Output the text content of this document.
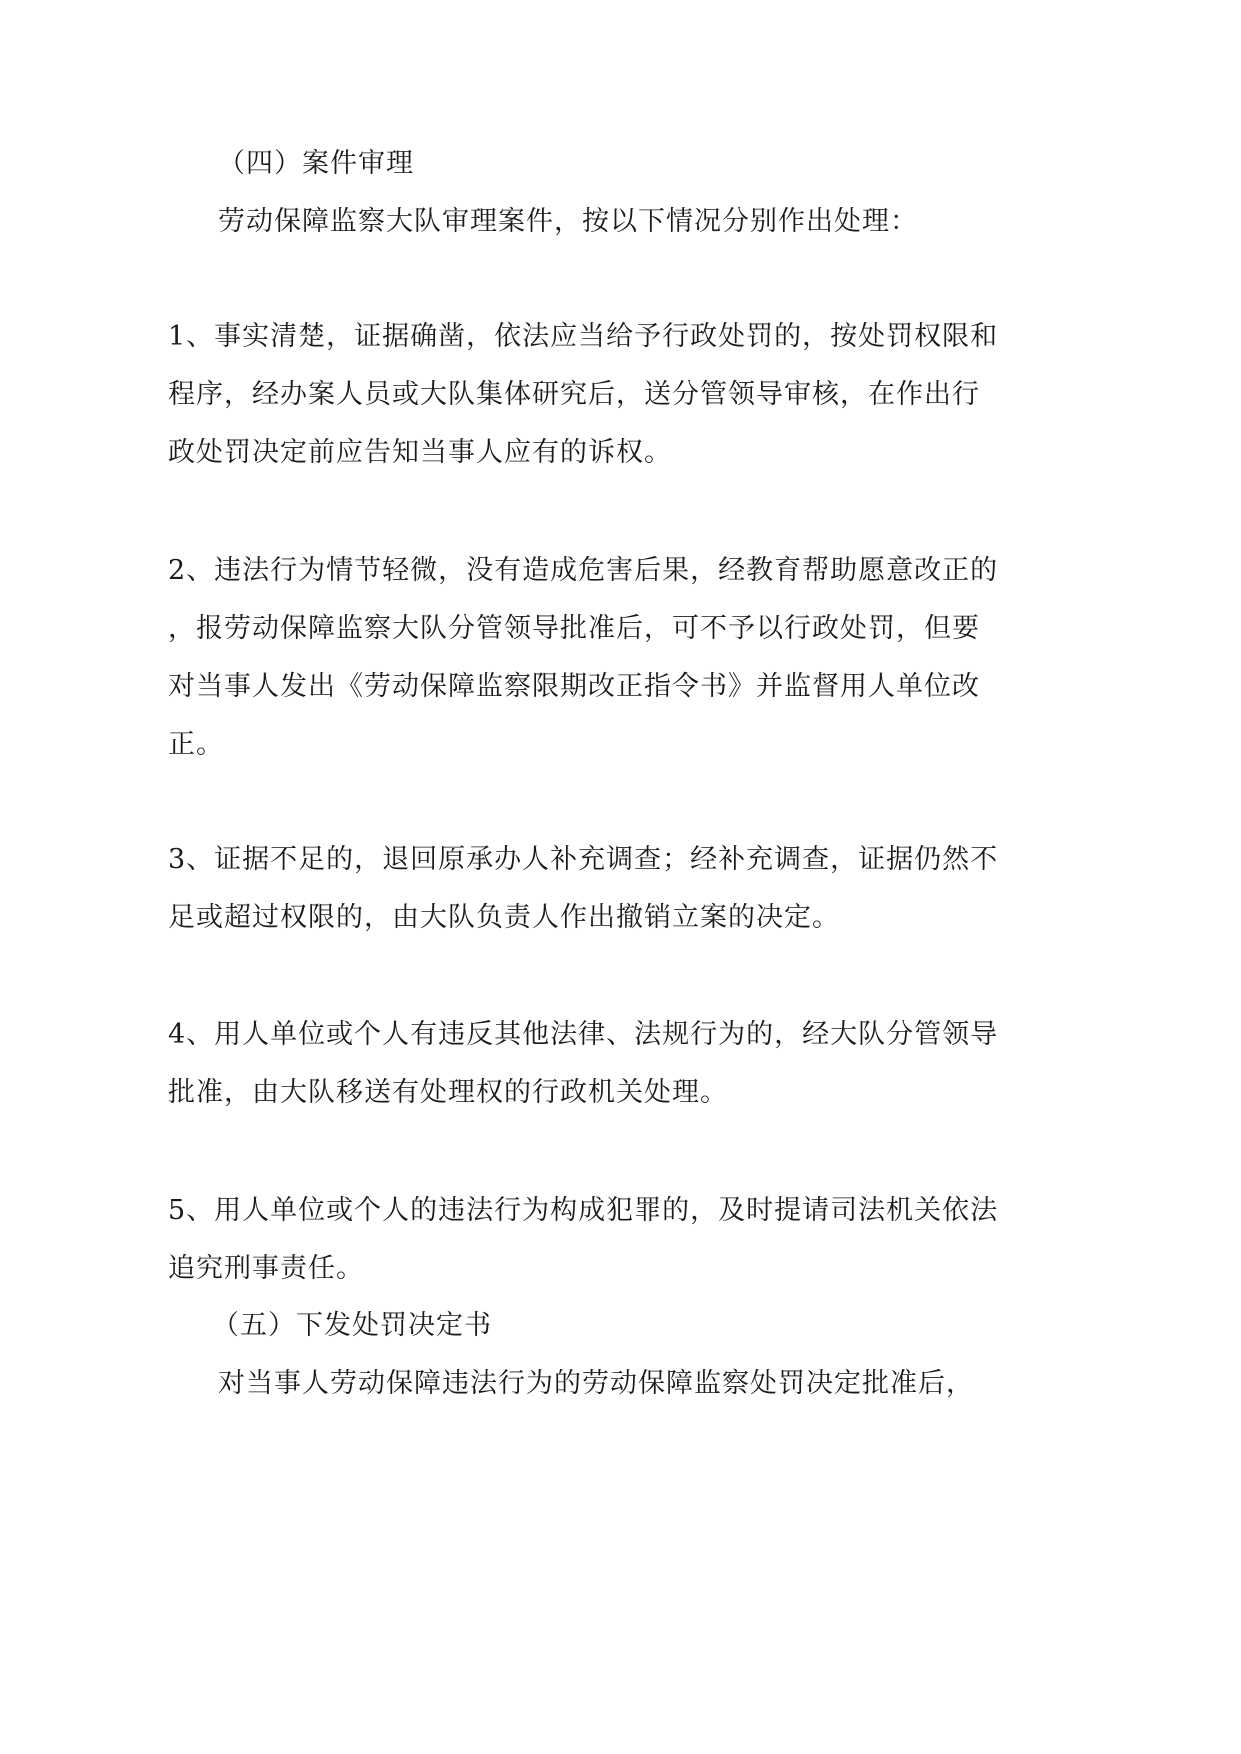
（四）案件审理
劳动保障监察大队审理案件，按以下情况分别作出处理：
1、事实清楚，证据确凿，依法应当给予行政处罚的，按处罚权限和
程序，经办案人员或大队集体研究后，送分管领导审核，在作出行
政处罚决定前应告知当事人应有的诉权。
2、违法行为情节轻微，没有造成危害后果，经教育帮助愿意改正的
，报劳动保障监察大队分管领导批准后，可不予以行政处罚，但要
对当事人发出《劳动保障监察限期改正指令书》并监督用人单位改
正。
3、证据不足的，退回原承办人补充调查；经补充调查，证据仍然不
足或超过权限的，由大队负责人作出撤销立案的决定。
4、用人单位或个人有违反其他法律、法规行为的，经大队分管领导
批准，由大队移送有处理权的行政机关处理。
5、用人单位或个人的违法行为构成犯罪的，及时提请司法机关依法
追究刑事责任。
（五）下发处罚决定书
对当事人劳动保障违法行为的劳动保障监察处罚决定批准后，
